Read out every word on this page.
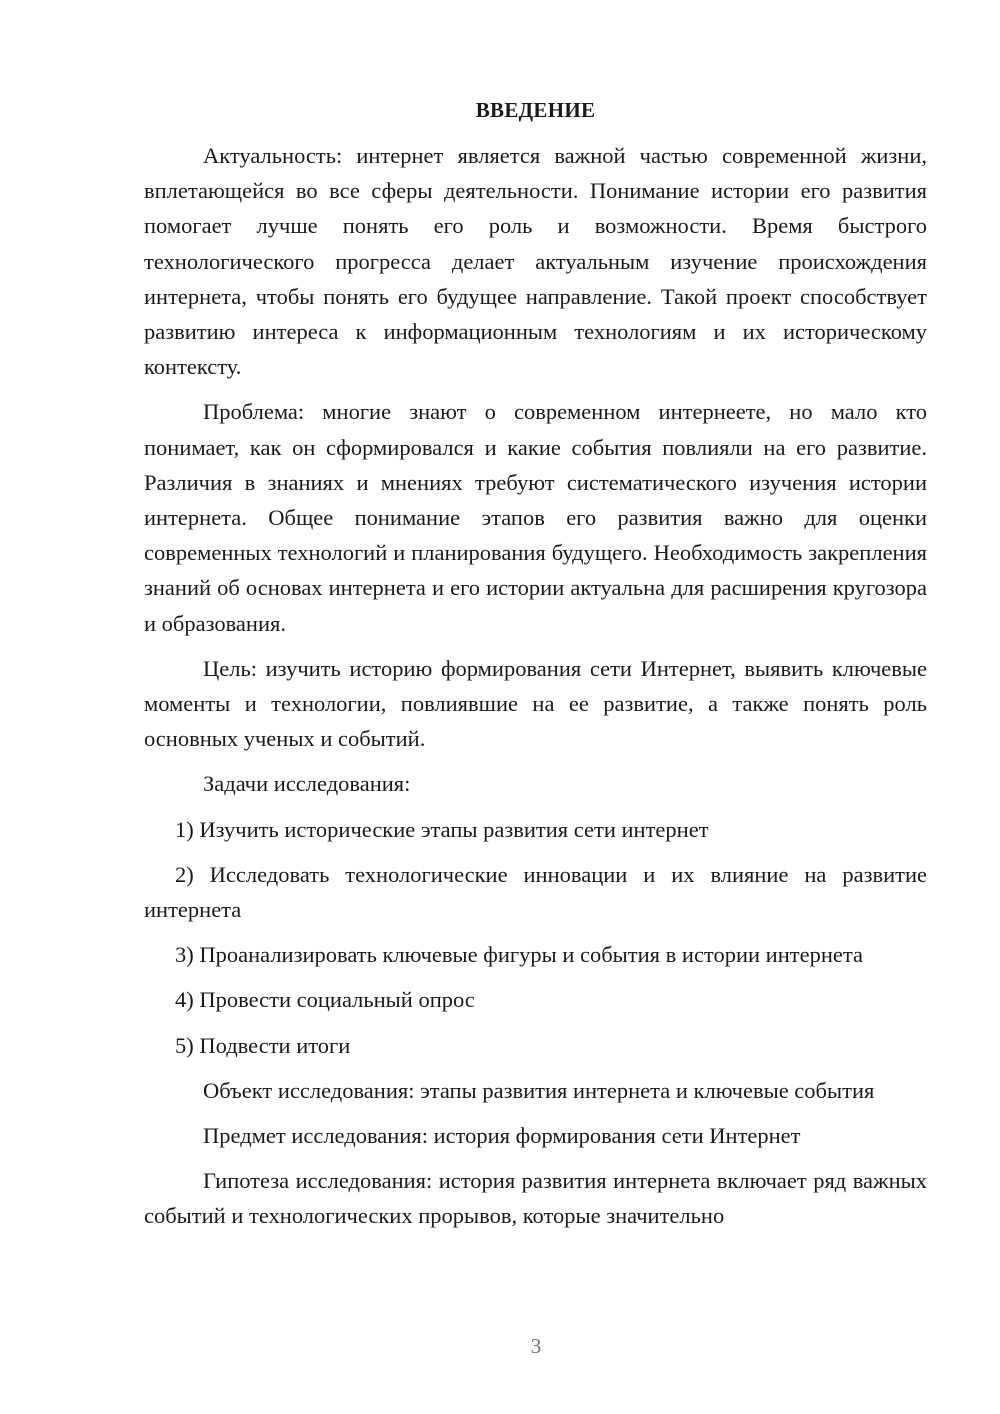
ВВЕДЕНИЕ

Актуальность: интернет является важной частью современной жизни, вплетающейся во все сферы деятельности. Понимание истории его развития помогает лучше понять его роль и возможности. Время быстрого технологического прогресса делает актуальным изучение происхождения интернета, чтобы понять его будущее направление. Такой проект способствует развитию интереса к информационным технологиям и их историческому контексту.

Проблема: многие знают о современном интернеете, но мало кто понимает, как он сформировался и какие события повлияли на его развитие. Различия в знаниях и мнениях требуют систематического изучения истории интернета. Общее понимание этапов его развития важно для оценки современных технологий и планирования будущего. Необходимость закрепления знаний об основах интернета и его истории актуальна для расширения кругозора и образования.

Цель: изучить историю формирования сети Интернет, выявить ключевые моменты и технологии, повлиявшие на ее развитие, а также понять роль основных ученых и событий.

Задачи исследования:

1) Изучить исторические этапы развития сети интернет

2) Исследовать технологические инновации и их влияние на развитие интернета

3) Проанализировать ключевые фигуры и события в истории интернета

4) Провести социальный опрос

5) Подвести итоги

Объект исследования: этапы развития интернета и ключевые события

Предмет исследования: история формирования сети Интернет

Гипотеза исследования: история развития интернета включает ряд важных событий и технологических прорывов, которые значительно

3
